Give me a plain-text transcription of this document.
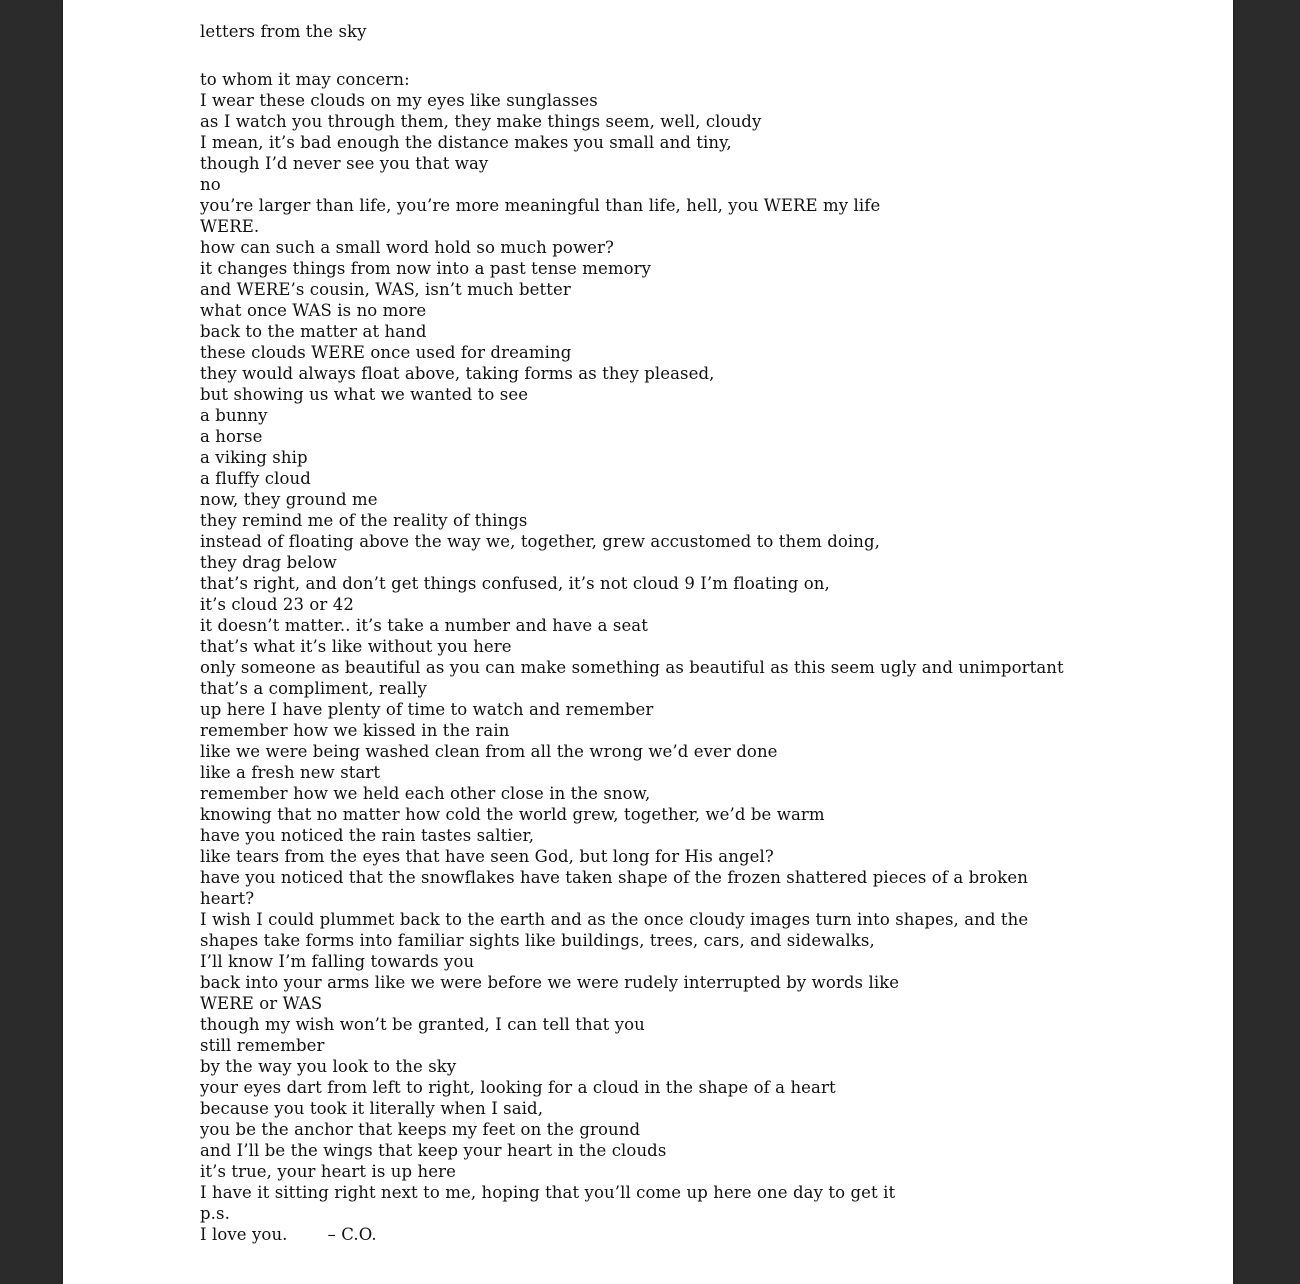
letters from the sky
to whom it may concern:
I wear these clouds on my eyes like sunglasses
as I watch you through them, they make things seem, well, cloudy
I mean, it’s bad enough the distance makes you small and tiny,
though I’d never see you that way
no
you’re larger than life, you’re more meaningful than life, hell, you WERE my life
WERE.
how can such a small word hold so much power?
it changes things from now into a past tense memory
and WERE’s cousin, WAS, isn’t much better
what once WAS is no more
back to the matter at hand
these clouds WERE once used for dreaming
they would always float above, taking forms as they pleased,
but showing us what we wanted to see
a bunny
a horse
a viking ship
a fluffy cloud
now, they ground me
they remind me of the reality of things
instead of floating above the way we, together, grew accustomed to them doing,
they drag below
that’s right, and don’t get things confused, it’s not cloud 9 I’m floating on,
it’s cloud 23 or 42
it doesn’t matter.. it’s take a number and have a seat
that’s what it’s like without you here
only someone as beautiful as you can make something as beautiful as this seem ugly and unimportant
that’s a compliment, really
up here I have plenty of time to watch and remember
remember how we kissed in the rain
like we were being washed clean from all the wrong we’d ever done
like a fresh new start
remember how we held each other close in the snow,
knowing that no matter how cold the world grew, together, we’d be warm
have you noticed the rain tastes saltier,
like tears from the eyes that have seen God, but long for His angel?
have you noticed that the snowflakes have taken shape of the frozen shattered pieces of a broken
heart?
I wish I could plummet back to the earth and as the once cloudy images turn into shapes, and the
shapes take forms into familiar sights like buildings, trees, cars, and sidewalks,
I’ll know I’m falling towards you
back into your arms like we were before we were rudely interrupted by words like
WERE or WAS
though my wish won’t be granted, I can tell that you
still remember
by the way you look to the sky
your eyes dart from left to right, looking for a cloud in the shape of a heart
because you took it literally when I said,
you be the anchor that keeps my feet on the ground
and I’ll be the wings that keep your heart in the clouds
it’s true, your heart is up here
I have it sitting right next to me, hoping that you’ll come up here one day to get it
p.s.
I love you. – C.O.
